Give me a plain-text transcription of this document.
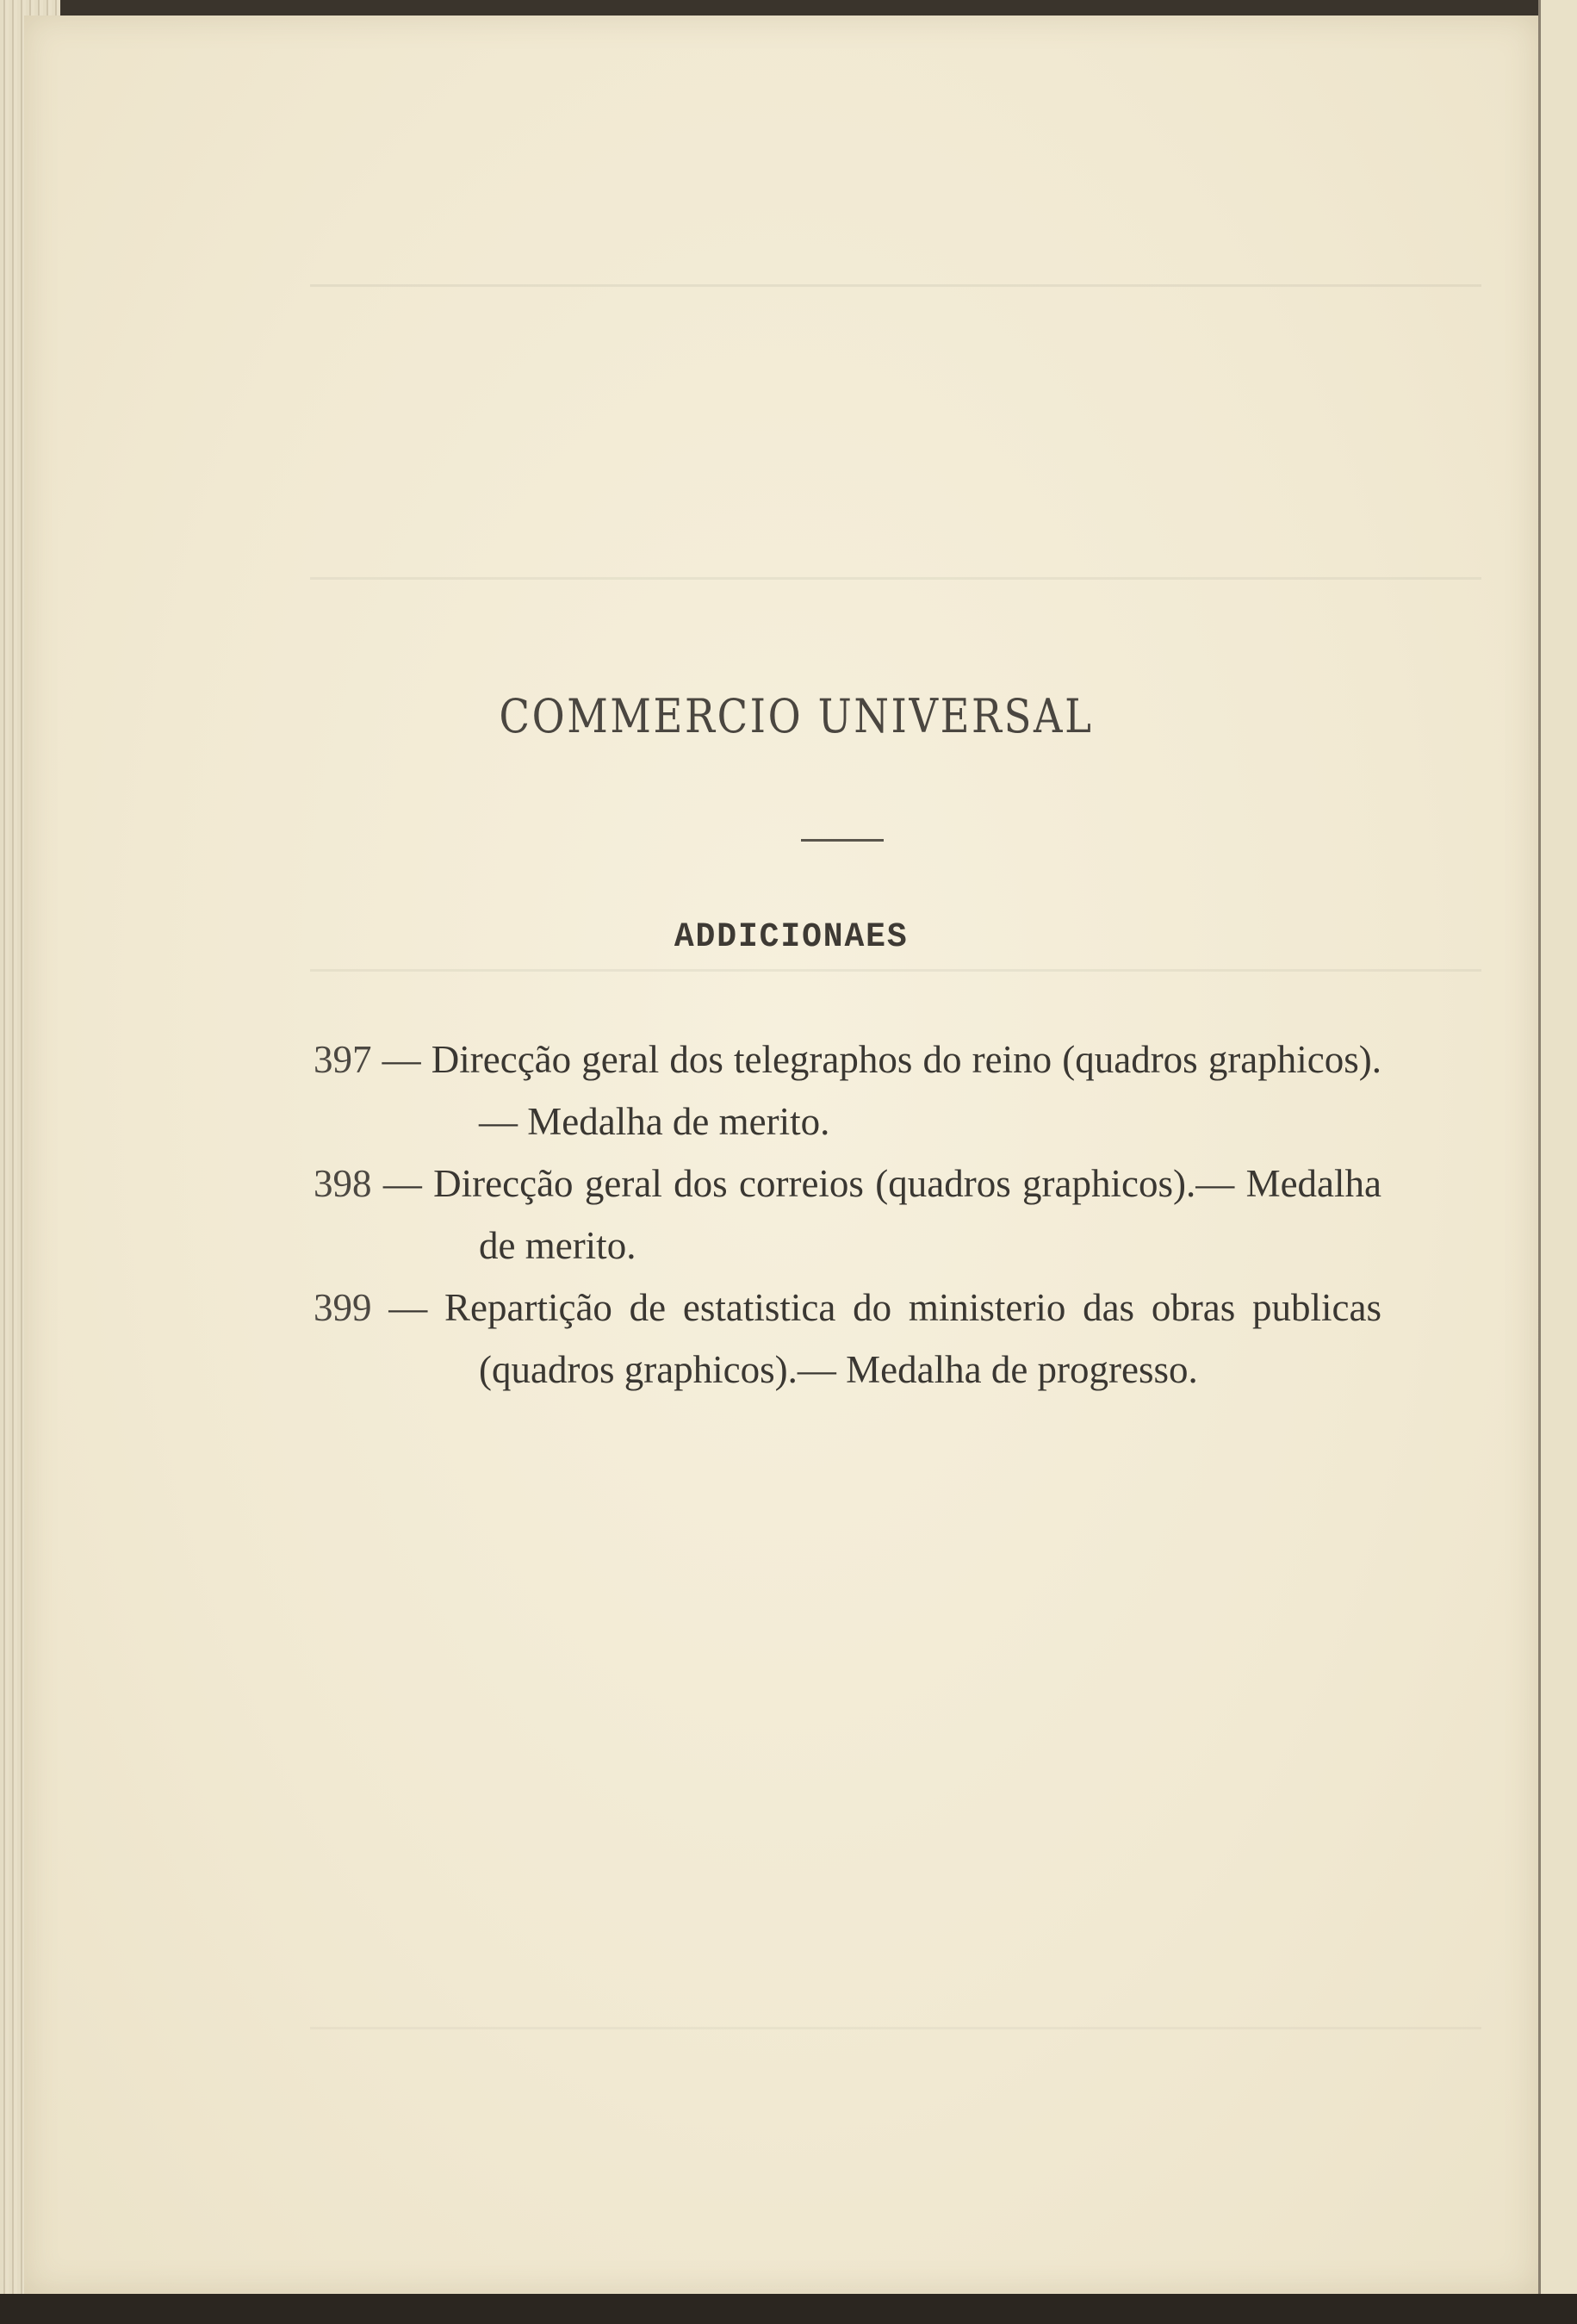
COMMERCIO UNIVERSAL
ADDICIONAES

397 — Direcção geral dos telegraphos do reino (quadros graphicos).— Medalha de merito.

398 — Direcção geral dos correios (quadros graphicos).— Medalha de merito.

399 — Repartição de estatistica do ministerio das obras publicas (quadros graphicos).— Medalha de progresso.
